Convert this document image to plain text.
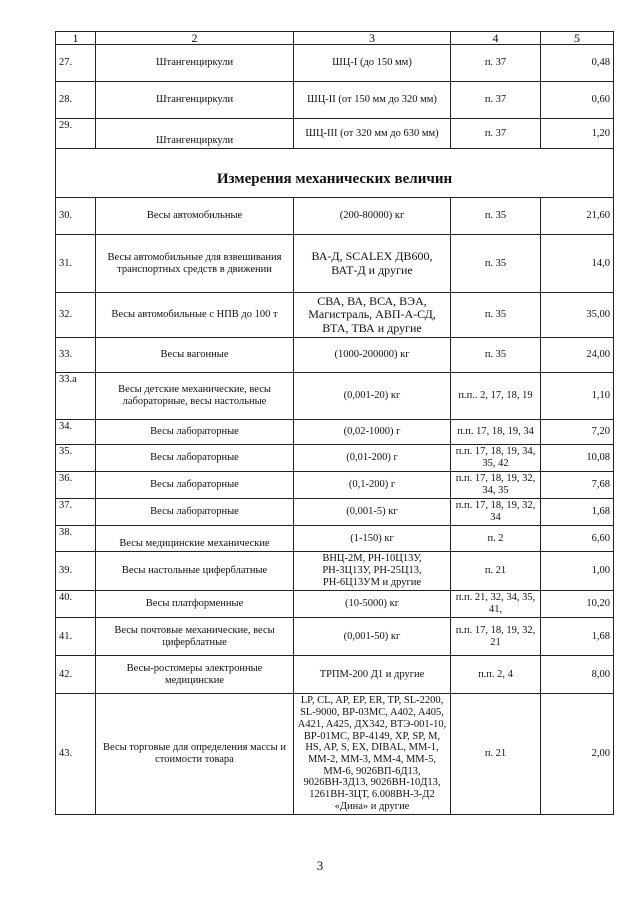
1	2	3	4	5
27.	Штангенциркули	ШЦ-I (до 150 мм)	п. 37	0,48
28.	Штангенциркули	ШЦ-II (от 150 мм до 320 мм)	п. 37	0,60
29.	Штангенциркули	ШЦ-III (от 320 мм до 630 мм)	п. 37	1,20
Измерения механических величин				
30.	Весы автомобильные	(200-80000) кг	п. 35	21,60
31.	Весы автомобильные для взвешивания транспортных средств в движении	ВА-Д, SCALEX ДВ600, ВАТ-Д и другие	п. 35	14,0
32.	Весы автомобильные с НПВ до 100 т	СВА, ВА, ВСА, ВЭА, Магистраль, АВП-А-СД, ВТА, ТВА и другие	п. 35	35,00
33.	Весы вагонные	(1000-200000) кг	п. 35	24,00
33.а	Весы детские механические, весы лабораторные, весы настольные	(0,001-20) кг	п.п.. 2, 17, 18, 19	1,10
34.	Весы лабораторные	(0,02-1000) г	п.п. 17, 18, 19, 34	7,20
35.	Весы лабораторные	(0,01-200) г	п.п. 17, 18, 19, 34, 35, 42	10,08
36.	Весы лабораторные	(0,1-200) г	п.п. 17, 18, 19, 32, 34, 35	7,68
37.	Весы лабораторные	(0,001-5) кг	п.п. 17, 18, 19, 32, 34	1,68
38.	Весы медицинские механические	(1-150) кг	п. 2	6,60
39.	Весы настольные циферблатные	ВНЦ-2М, РН-10Ц13У, РН-3Ц13У, РН-25Ц13, РН-6Ц13УМ и другие	п. 21	1,00
40.	Весы платформенные	(10-5000) кг	п.п. 21, 32, 34, 35, 41,	10,20
41.	Весы почтовые механические, весы циферблатные	(0,001-50) кг	п.п. 17, 18, 19, 32, 21	1,68
42.	Весы-ростомеры электронные медицинские	ТРПМ-200 Д1 и другие	п.п. 2, 4	8,00
43.	Весы торговые для определения массы и стоимости товара	LP, CL, AP, EP, ER, TP, SL-2200, SL-9000, BP-03MC, A402, A405, A421, A425, ДХ342, ВТЭ-001-10, BP-01MC, BP-4149, XP, SP, M, HS, AP, S, EX, DIBAL, MM-1, MM-2, MM-3, MM-4, MM-5, MM-6, 9026BП-6Д13, 9026ВН-3Д13, 9026ВН-10Д13, 1261ВН-3ЦТ, 6.008ВН-3-Д2 «Дина» и другие	п. 21	2,00
3
